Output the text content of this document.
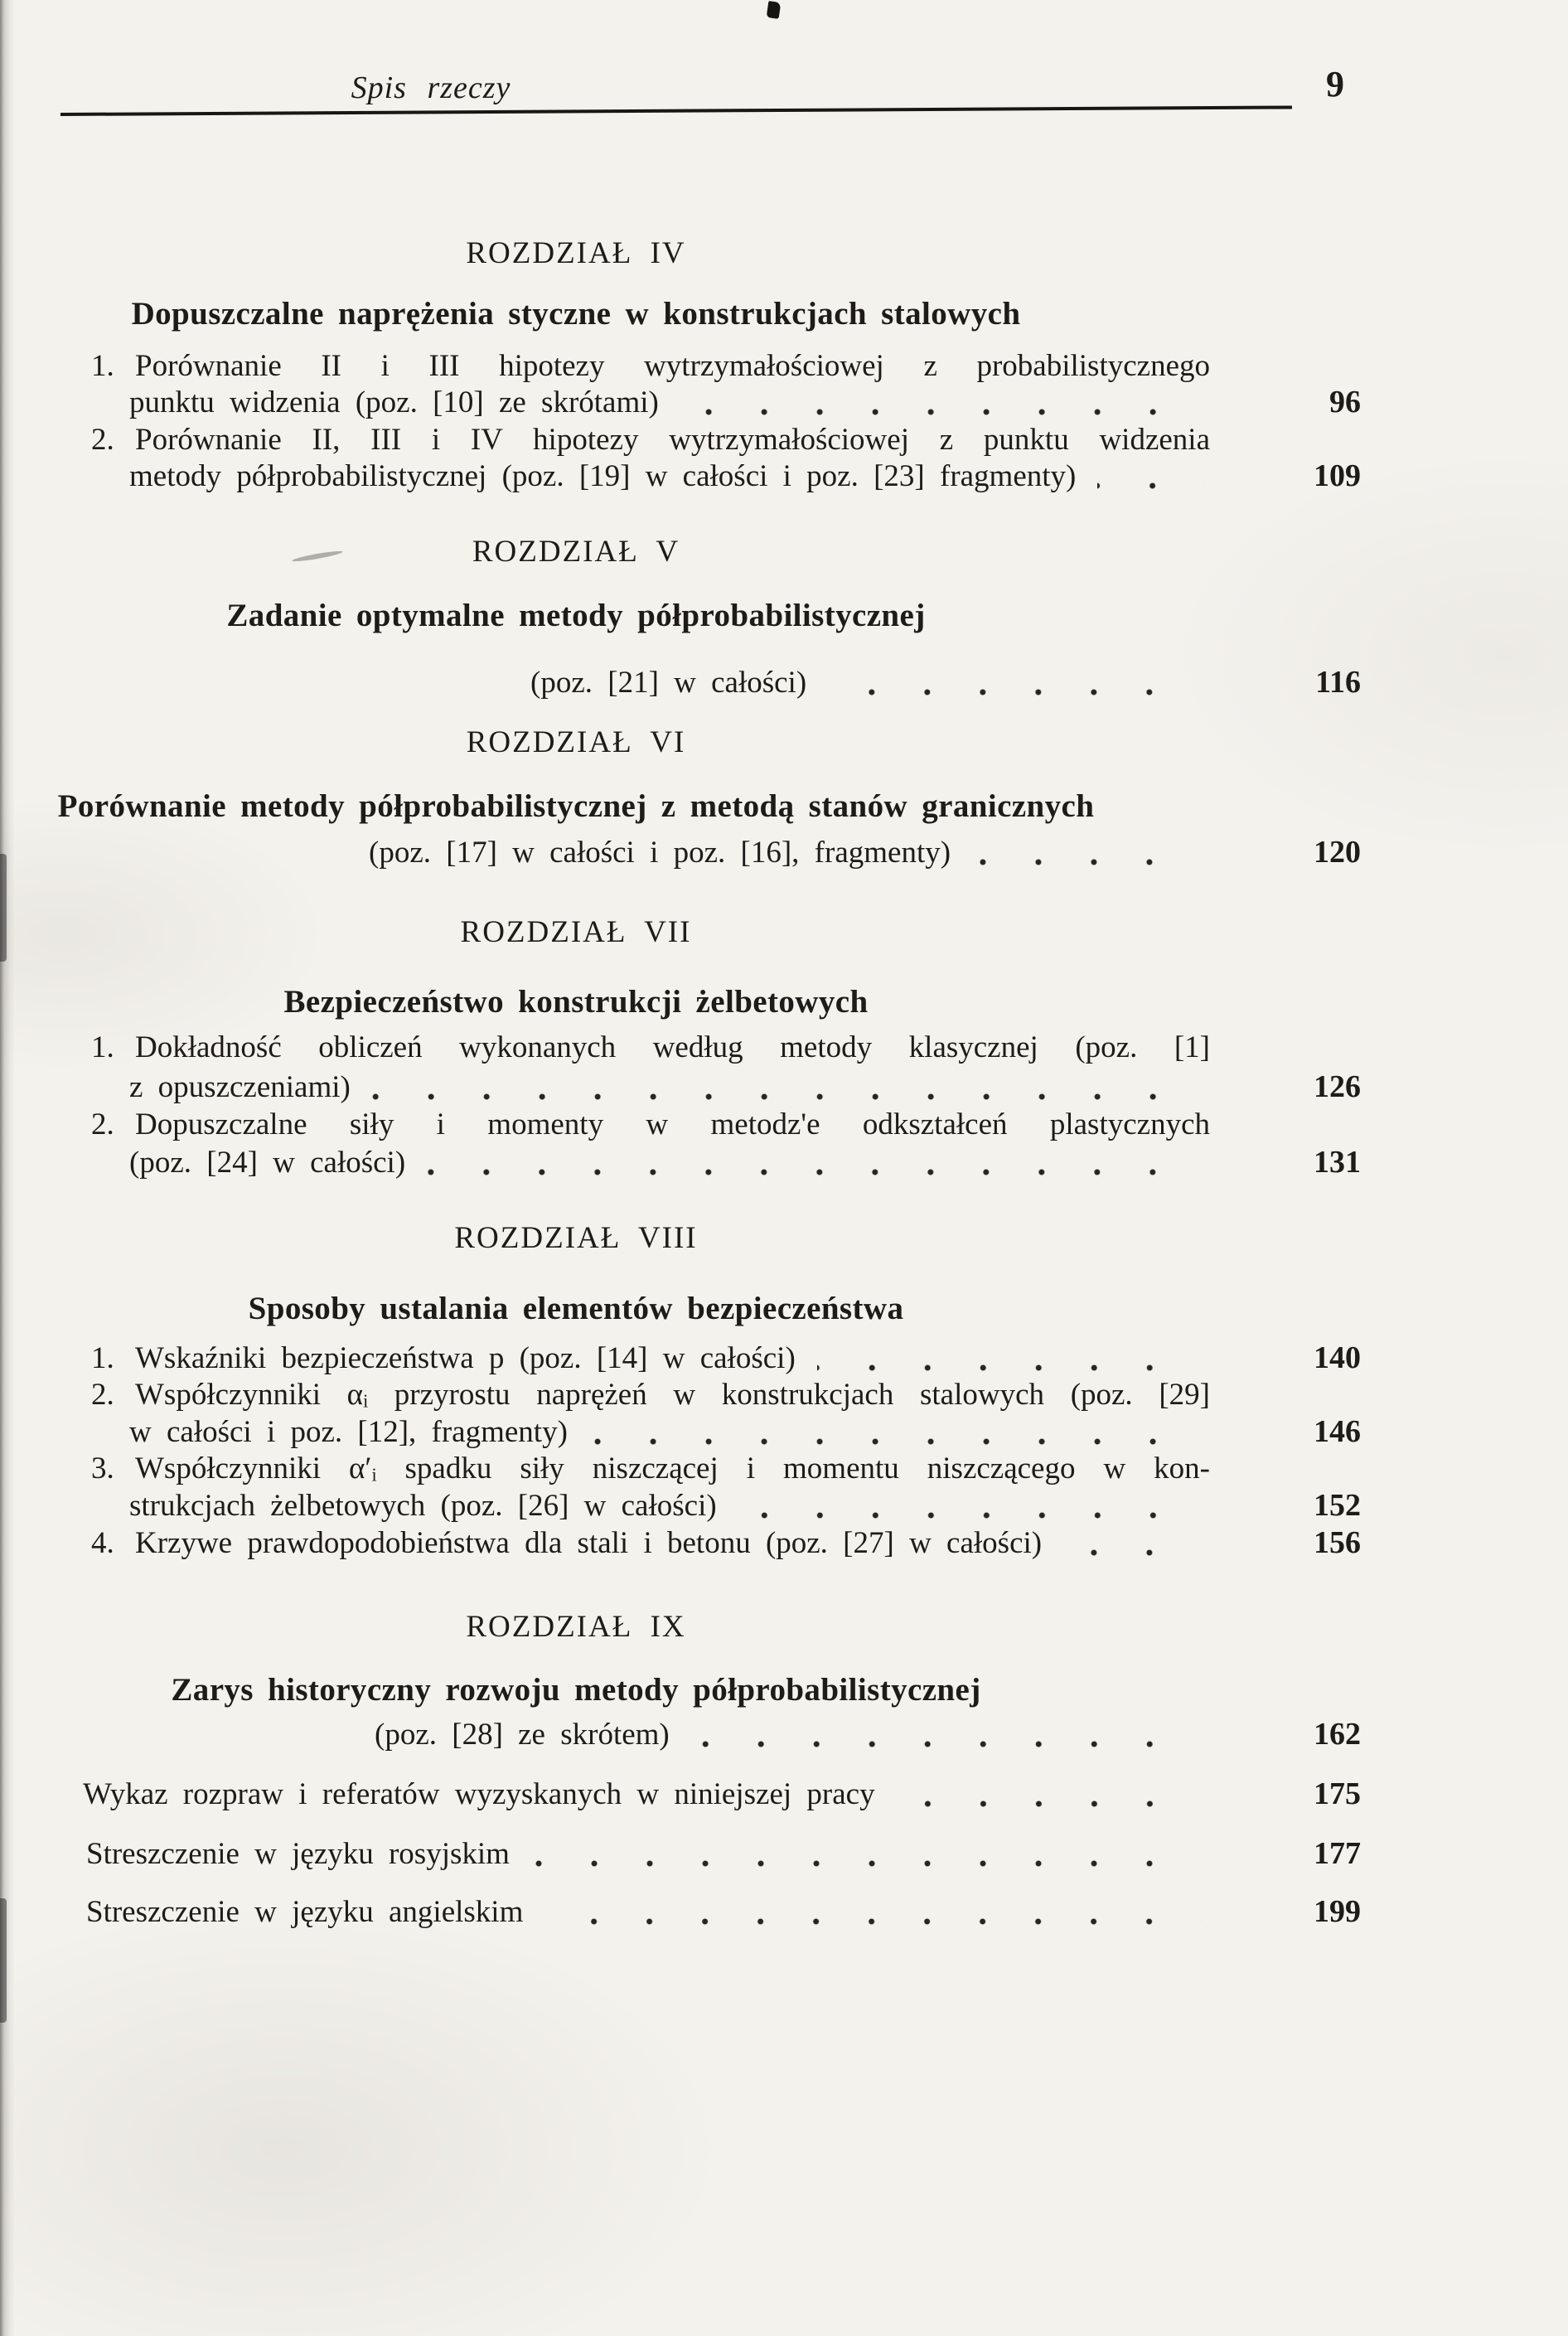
Spis rzeczy	9
ROZDZIAŁ IV
Dopuszczalne naprężenia styczne w konstrukcjach stalowych
1. Porównanie II i III hipotezy wytrzymałościowej z probabilistycznego
punktu widzenia (poz. [10] ze skrótami)	96
2. Porównanie II, III i IV hipotezy wytrzymałościowej z punktu widzenia
metody półprobabilistycznej (poz. [19] w całości i poz. [23] fragmenty)	109
ROZDZIAŁ V
Zadanie optymalne metody półprobabilistycznej
(poz. [21] w całości)	116
ROZDZIAŁ VI
Porównanie metody półprobabilistycznej z metodą stanów granicznych
(poz. [17] w całości i poz. [16], fragmenty)	120
ROZDZIAŁ VII
Bezpieczeństwo konstrukcji żelbetowych
1. Dokładność obliczeń wykonanych według metody klasycznej (poz. [1]
z opuszczeniami)	126
2. Dopuszczalne siły i momenty w metodz'e odkształceń plastycznych
(poz. [24] w całości)	131
ROZDZIAŁ VIII
Sposoby ustalania elementów bezpieczeństwa
1. Wskaźniki bezpieczeństwa p (poz. [14] w całości)	140
2. Współczynniki αᵢ przyrostu naprężeń w konstrukcjach stalowych (poz. [29]
w całości i poz. [12], fragmenty)	146
3. Współczynniki α′ᵢ spadku siły niszczącej i momentu niszczącego w kon-
strukcjach żelbetowych (poz. [26] w całości)	152
4. Krzywe prawdopodobieństwa dla stali i betonu (poz. [27] w całości)	156
ROZDZIAŁ IX
Zarys historyczny rozwoju metody półprobabilistycznej
(poz. [28] ze skrótem)	162
Wykaz rozpraw i referatów wyzyskanych w niniejszej pracy	175
Streszczenie w języku rosyjskim	177
Streszczenie w języku angielskim	199
